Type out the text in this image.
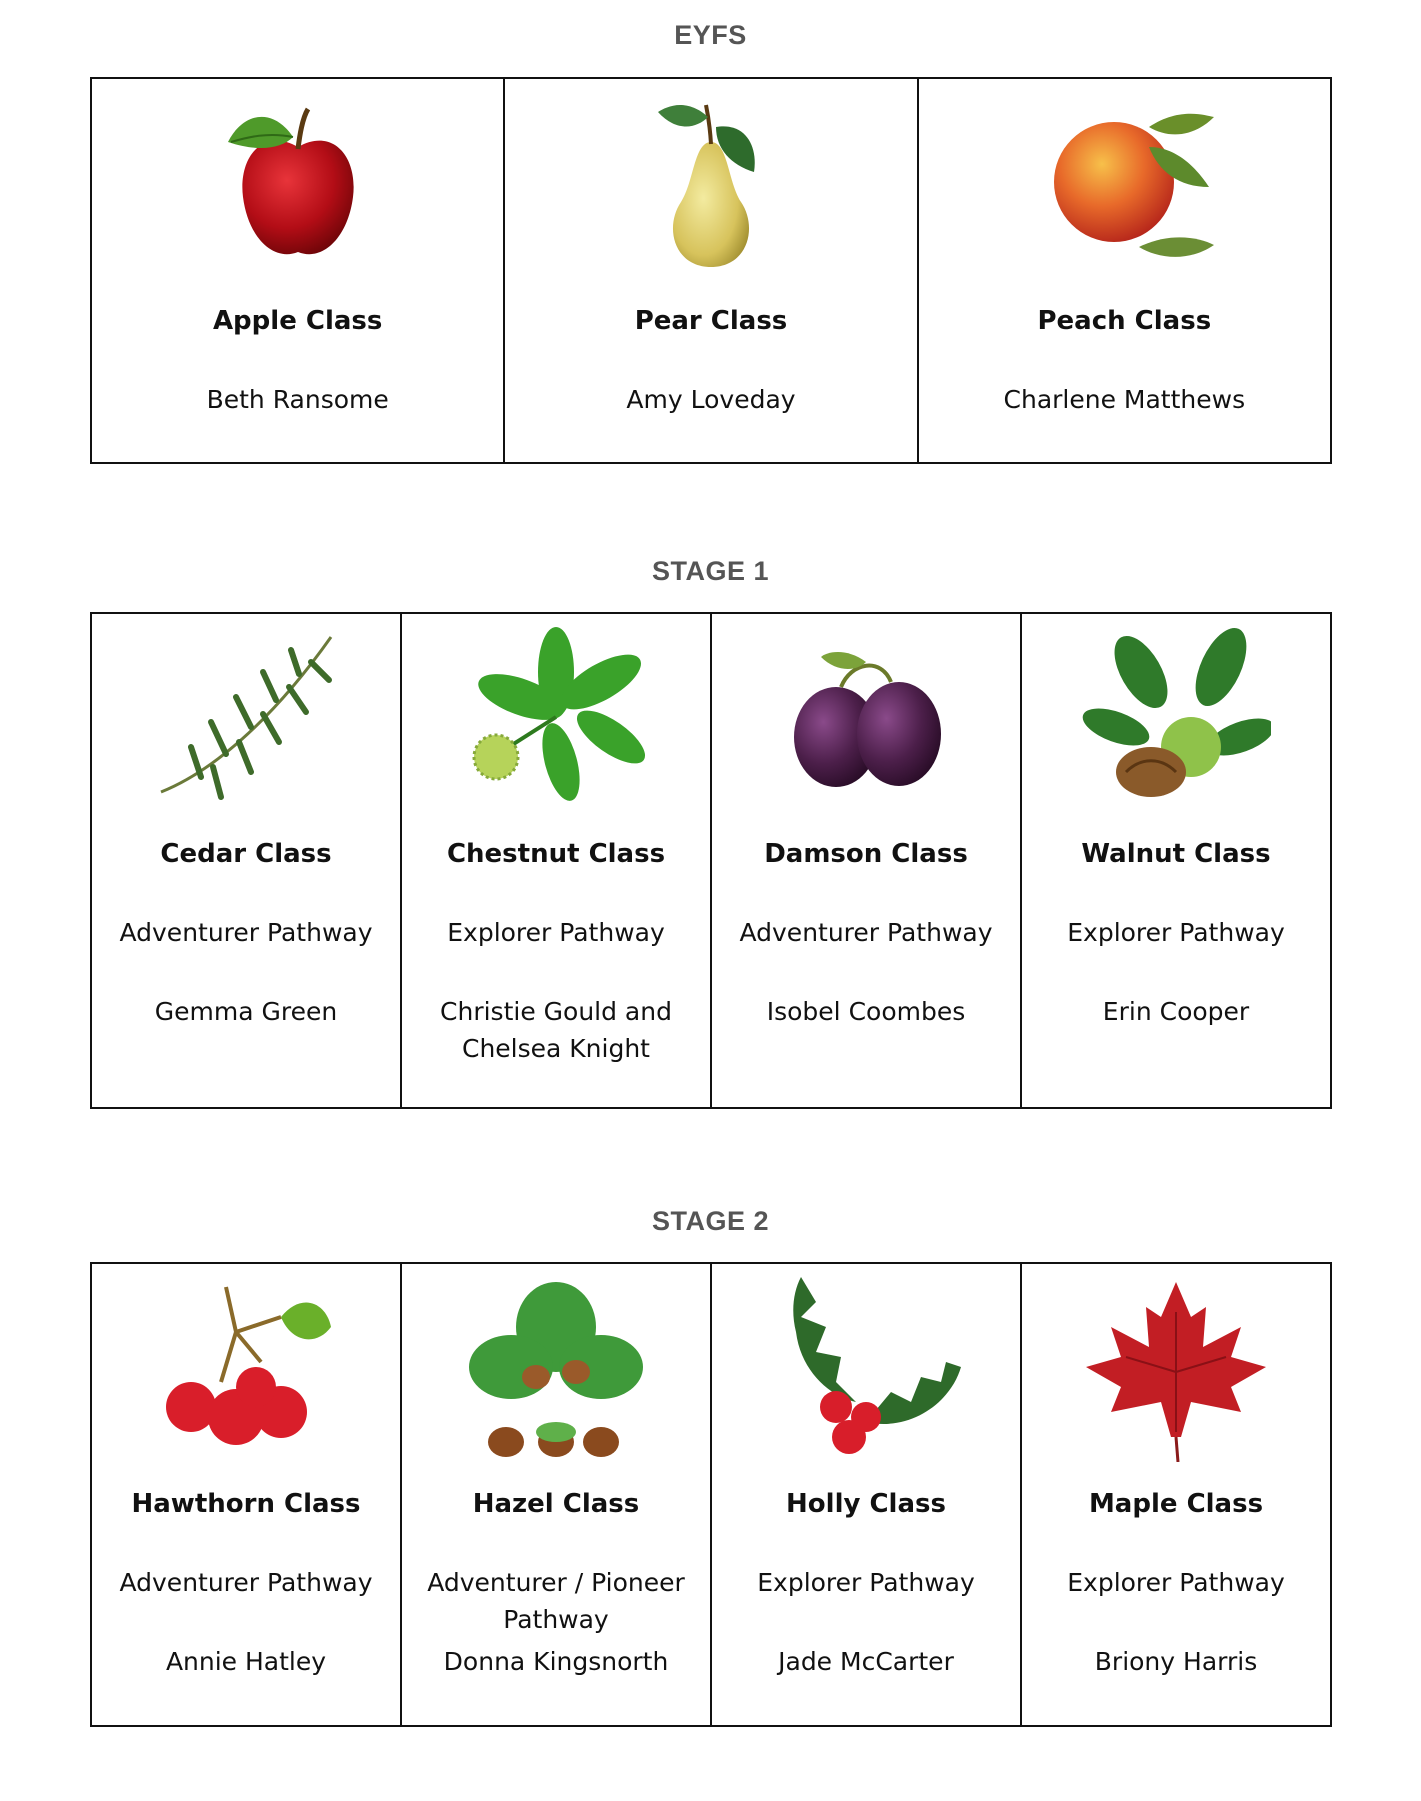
EYFS
Apple Class
Beth Ransome
Pear Class
Amy Loveday
Peach Class
Charlene Matthews
STAGE 1
Cedar Class
Adventurer Pathway
Gemma Green
Chestnut Class
Explorer Pathway
Christie Gould and Chelsea Knight
Damson Class
Adventurer Pathway
Isobel Coombes
Walnut Class
Explorer Pathway
Erin Cooper
STAGE 2
Hawthorn Class
Adventurer Pathway
Annie Hatley
Hazel Class
Adventurer / Pioneer Pathway
Donna Kingsnorth
Holly Class
Explorer Pathway
Jade McCarter
Maple Class
Explorer Pathway
Briony Harris
